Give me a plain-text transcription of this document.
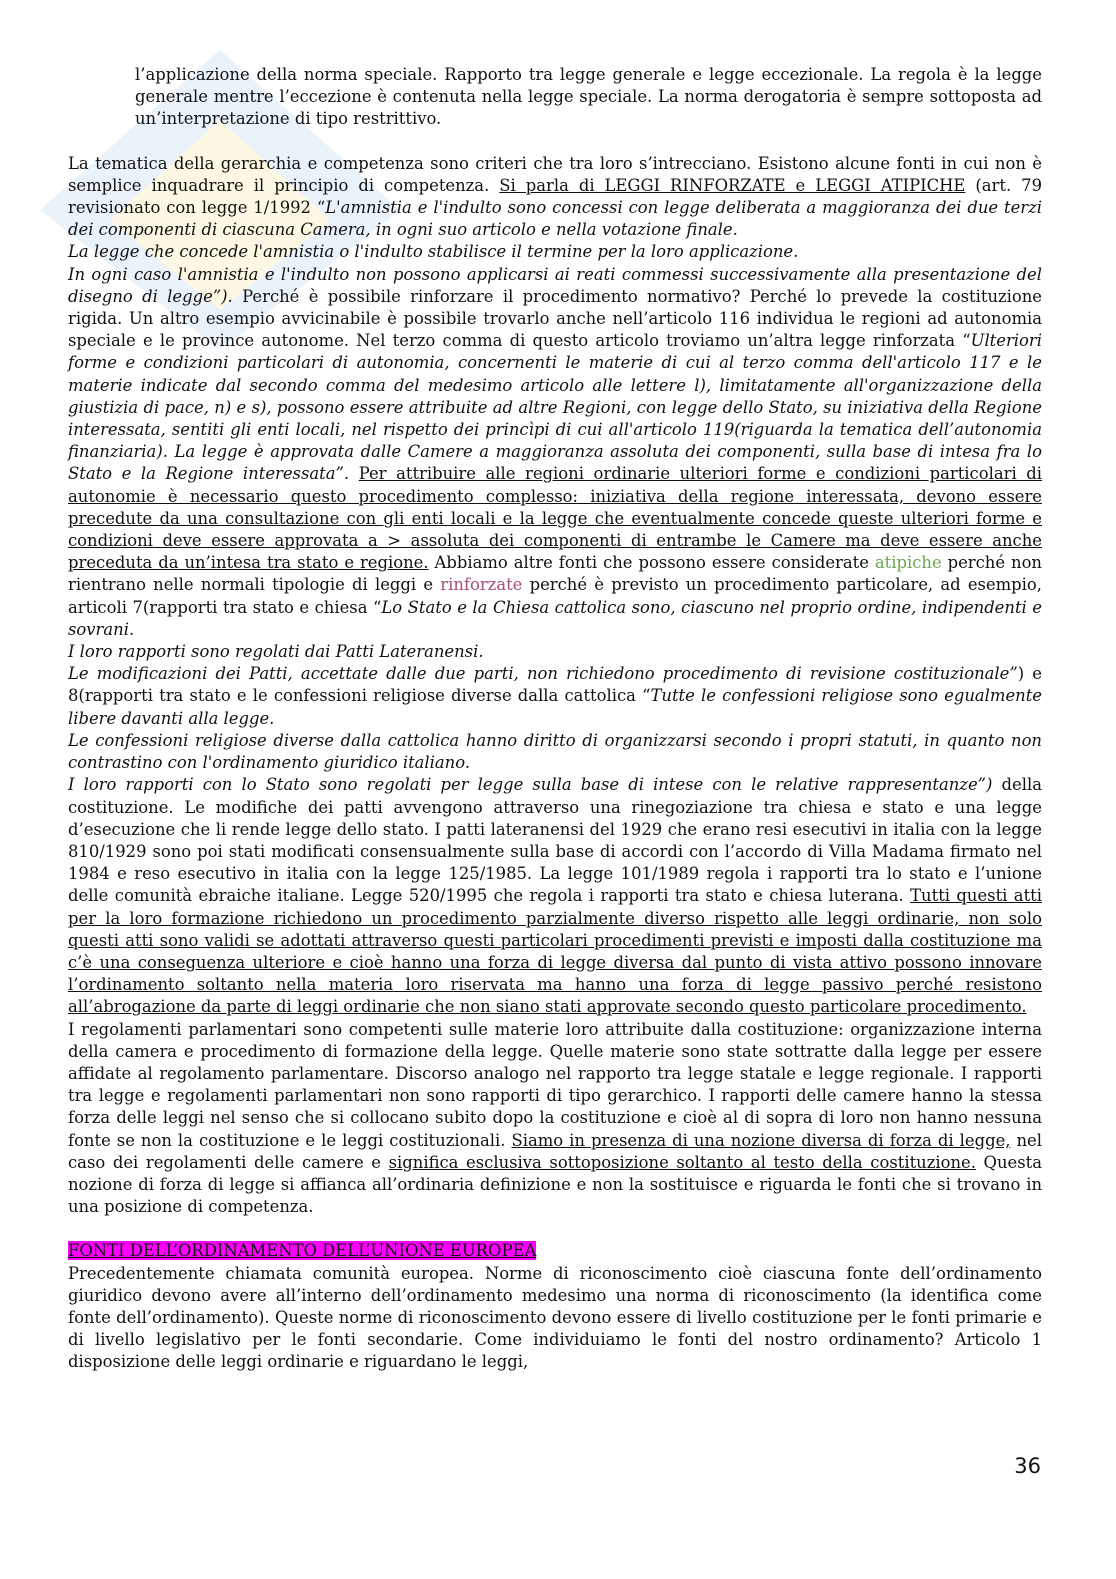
l’applicazione della norma speciale. Rapporto tra legge generale e legge eccezionale. La regola è la legge generale mentre l’eccezione è contenuta nella legge speciale. La norma derogatoria è sempre sottoposta ad un’interpretazione di tipo restrittivo.

La tematica della gerarchia e competenza sono criteri che tra loro s’intrecciano. Esistono alcune fonti in cui non è semplice inquadrare il principio di competenza. Si parla di LEGGI RINFORZATE e LEGGI ATIPICHE (art. 79 revisionato con legge 1/1992 “L'amnistia e l'indulto sono concessi con legge deliberata a maggioranza dei due terzi dei componenti di ciascuna Camera, in ogni suo articolo e nella votazione finale.
La legge che concede l'amnistia o l'indulto stabilisce il termine per la loro applicazione.
In ogni caso l'amnistia e l'indulto non possono applicarsi ai reati commessi successivamente alla presentazione del disegno di legge”). Perché è possibile rinforzare il procedimento normativo? Perché lo prevede la costituzione rigida. Un altro esempio avvicinabile è possibile trovarlo anche nell’articolo 116 individua le regioni ad autonomia speciale e le province autonome. Nel terzo comma di questo articolo troviamo un’altra legge rinforzata “Ulteriori forme e condizioni particolari di autonomia, concernenti le materie di cui al terzo comma dell'articolo 117 e le materie indicate dal secondo comma del medesimo articolo alle lettere l), limitatamente all'organizzazione della giustizia di pace, n) e s), possono essere attribuite ad altre Regioni, con legge dello Stato, su iniziativa della Regione interessata, sentiti gli enti locali, nel rispetto dei princìpi di cui all'articolo 119(riguarda la tematica dell’autonomia finanziaria). La legge è approvata dalle Camere a maggioranza assoluta dei componenti, sulla base di intesa fra lo Stato e la Regione interessata”. Per attribuire alle regioni ordinarie ulteriori forme e condizioni particolari di autonomie è necessario questo procedimento complesso: iniziativa della regione interessata, devono essere precedute da una consultazione con gli enti locali e la legge che eventualmente concede queste ulteriori forme e condizioni deve essere approvata a > assoluta dei componenti di entrambe le Camere ma deve essere anche preceduta da un’intesa tra stato e regione. Abbiamo altre fonti che possono essere considerate atipiche perché non rientrano nelle normali tipologie di leggi e rinforzate perché è previsto un procedimento particolare, ad esempio, articoli 7(rapporti tra stato e chiesa “Lo Stato e la Chiesa cattolica sono, ciascuno nel proprio ordine, indipendenti e sovrani.
I loro rapporti sono regolati dai Patti Lateranensi.
Le modificazioni dei Patti, accettate dalle due parti, non richiedono procedimento di revisione costituzionale”) e 8(rapporti tra stato e le confessioni religiose diverse dalla cattolica “Tutte le confessioni religiose sono egualmente libere davanti alla legge.
Le confessioni religiose diverse dalla cattolica hanno diritto di organizzarsi secondo i propri statuti, in quanto non contrastino con l'ordinamento giuridico italiano.
I loro rapporti con lo Stato sono regolati per legge sulla base di intese con le relative rappresentanze”) della costituzione. Le modifiche dei patti avvengono attraverso una rinegoziazione tra chiesa e stato e una legge d’esecuzione che li rende legge dello stato. I patti lateranensi del 1929 che erano resi esecutivi in italia con la legge 810/1929 sono poi stati modificati consensualmente sulla base di accordi con l’accordo di Villa Madama firmato nel 1984 e reso esecutivo in italia con la legge 125/1985. La legge 101/1989 regola i rapporti tra lo stato e l’unione delle comunità ebraiche italiane. Legge 520/1995 che regola i rapporti tra stato e chiesa luterana. Tutti questi atti per la loro formazione richiedono un procedimento parzialmente diverso rispetto alle leggi ordinarie, non solo questi atti sono validi se adottati attraverso questi particolari procedimenti previsti e imposti dalla costituzione ma c’è una conseguenza ulteriore e cioè hanno una forza di legge diversa dal punto di vista attivo possono innovare l’ordinamento soltanto nella materia loro riservata ma hanno una forza di legge passivo perché resistono all’abrogazione da parte di leggi ordinarie che non siano stati approvate secondo questo particolare procedimento.

I regolamenti parlamentari sono competenti sulle materie loro attribuite dalla costituzione: organizzazione interna della camera e procedimento di formazione della legge. Quelle materie sono state sottratte dalla legge per essere affidate al regolamento parlamentare. Discorso analogo nel rapporto tra legge statale e legge regionale. I rapporti tra legge e regolamenti parlamentari non sono rapporti di tipo gerarchico. I rapporti delle camere hanno la stessa forza delle leggi nel senso che si collocano subito dopo la costituzione e cioè al di sopra di loro non hanno nessuna fonte se non la costituzione e le leggi costituzionali. Siamo in presenza di una nozione diversa di forza di legge, nel caso dei regolamenti delle camere e significa esclusiva sottoposizione soltanto al testo della costituzione. Questa nozione di forza di legge si affianca all’ordinaria definizione e non la sostituisce e riguarda le fonti che si trovano in una posizione di competenza.

FONTI DELL’ORDINAMENTO DELL’UNIONE EUROPEA

Precedentemente chiamata comunità europea. Norme di riconoscimento cioè ciascuna fonte dell’ordinamento giuridico devono avere all’interno dell’ordinamento medesimo una norma di riconoscimento (la identifica come fonte dell’ordinamento). Queste norme di riconoscimento devono essere di livello costituzione per le fonti primarie e di livello legislativo per le fonti secondarie. Come individuiamo le fonti del nostro ordinamento? Articolo 1 disposizione delle leggi ordinarie e riguardano le leggi,

36
